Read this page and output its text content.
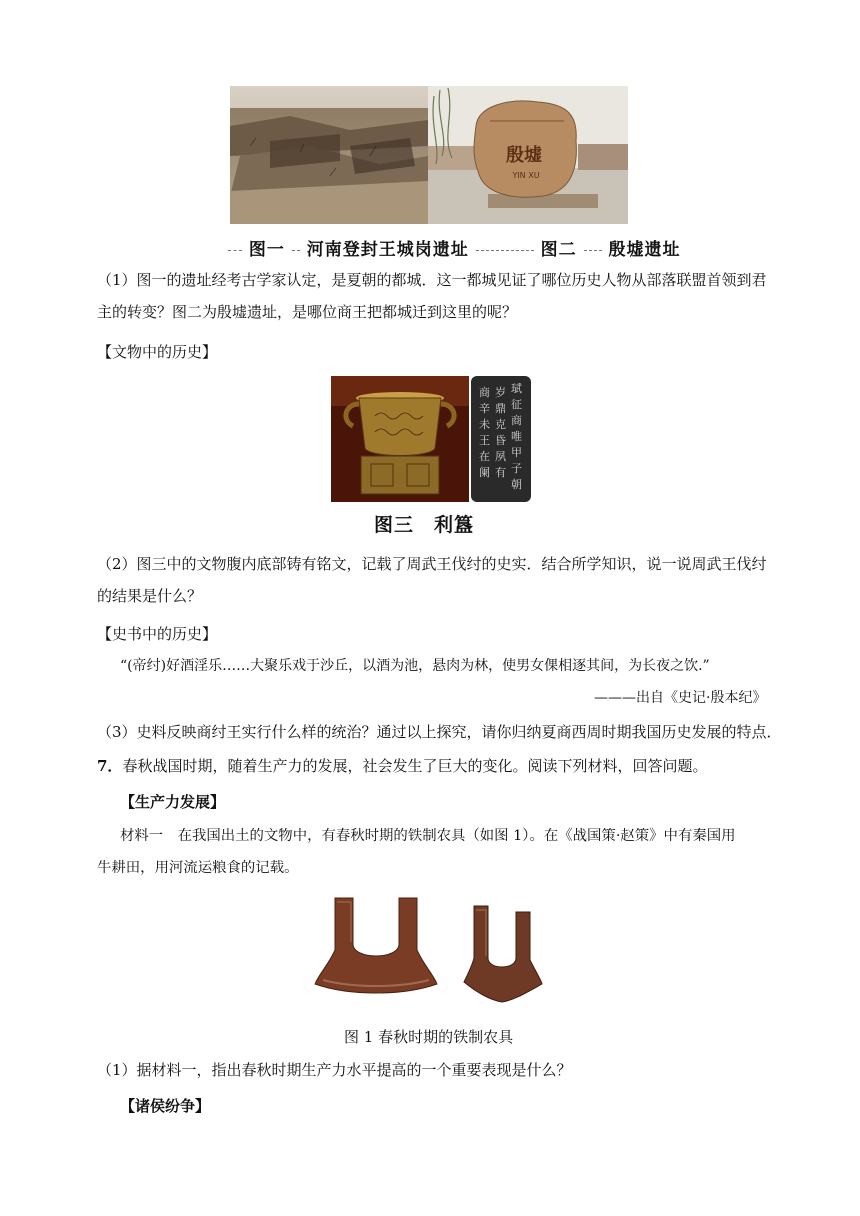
殷墟
YIN XU
图一 河南登封王城岗遗址	图二 殷墟遗址
（1）图一的遗址经考古学家认定，是夏朝的都城．这一都城见证了哪位历史人物从部落联盟首领到君
主的转变？图二为殷墟遗址，是哪位商王把都城迁到这里的呢？
【文物中的历史】
珷
征
商
唯
甲
子
朝
岁
鼎
克
昏
夙
有
商
辛
未
王
在
阑
图三　利簋
（2）图三中的文物腹内底部铸有铭文，记载了周武王伐纣的史实．结合所学知识，说一说周武王伐纣
的结果是什么？
【史书中的历史】
“(帝纣)好酒淫乐……大聚乐戏于沙丘，以酒为池，悬肉为林，使男女倮相逐其间，为长夜之饮.”
———出自《史记·殷本纪》
（3）史料反映商纣王实行什么样的统治？通过以上探究，请你归纳夏商西周时期我国历史发展的特点．
7．春秋战国时期，随着生产力的发展，社会发生了巨大的变化。阅读下列材料，回答问题。
【生产力发展】
材料一　在我国出土的文物中，有春秋时期的铁制农具（如图 1）。在《战国策·赵策》中有秦国用
牛耕田，用河流运粮食的记载。
图 1 春秋时期的铁制农具
（1）据材料一，指出春秋时期生产力水平提高的一个重要表现是什么？
【诸侯纷争】
